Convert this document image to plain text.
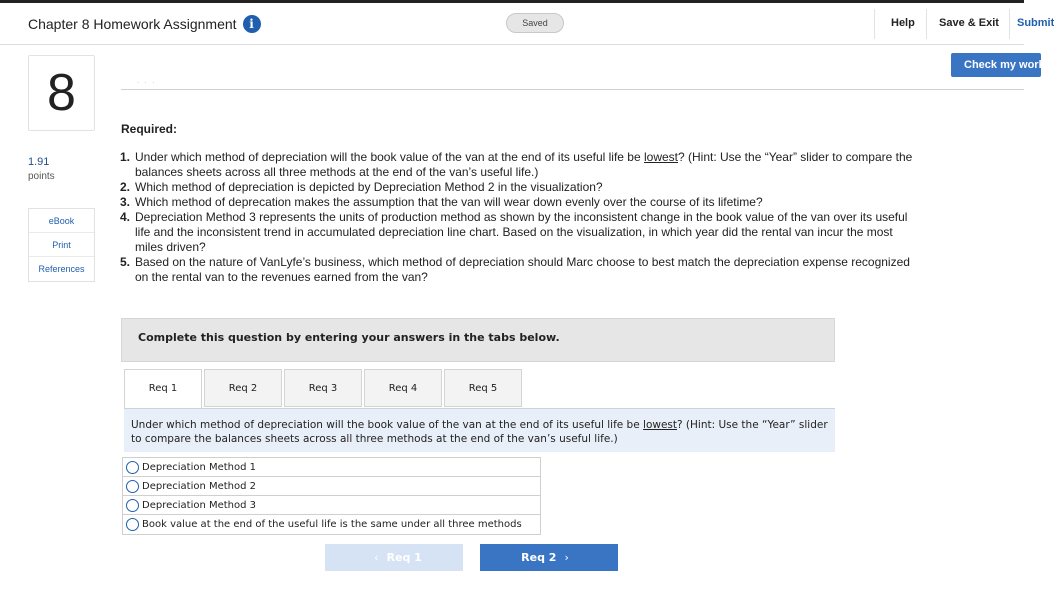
Chapter 8 Homework Assignment	i	Saved	Help Save & Exit Submit
Check my work
8
1.91
points
eBook
Print
References
· · ·
Required:
1. Under which method of depreciation will the book value of the van at the end of its useful life be lowest? (Hint: Use the “Year” slider to compare the balances sheets across all three methods at the end of the van’s useful life.)
2. Which method of depreciation is depicted by Depreciation Method 2 in the visualization?
3. Which method of deprecation makes the assumption that the van will wear down evenly over the course of its lifetime?
4. Depreciation Method 3 represents the units of production method as shown by the inconsistent change in the book value of the van over its useful life and the inconsistent trend in accumulated depreciation line chart. Based on the visualization, in which year did the rental van incur the most miles driven?
5. Based on the nature of VanLyfe’s business, which method of depreciation should Marc choose to best match the depreciation expense recognized on the rental van to the revenues earned from the van?
Complete this question by entering your answers in the tabs below.
Req 1	Req 2	Req 3	Req 4	Req 5
Under which method of depreciation will the book value of the van at the end of its useful life be lowest? (Hint: Use the “Year” slider to compare the balances sheets across all three methods at the end of the van’s useful life.)
Depreciation Method 1
Depreciation Method 2
Depreciation Method 3
Book value at the end of the useful life is the same under all three methods
‹ Req 1	Req 2 ›
